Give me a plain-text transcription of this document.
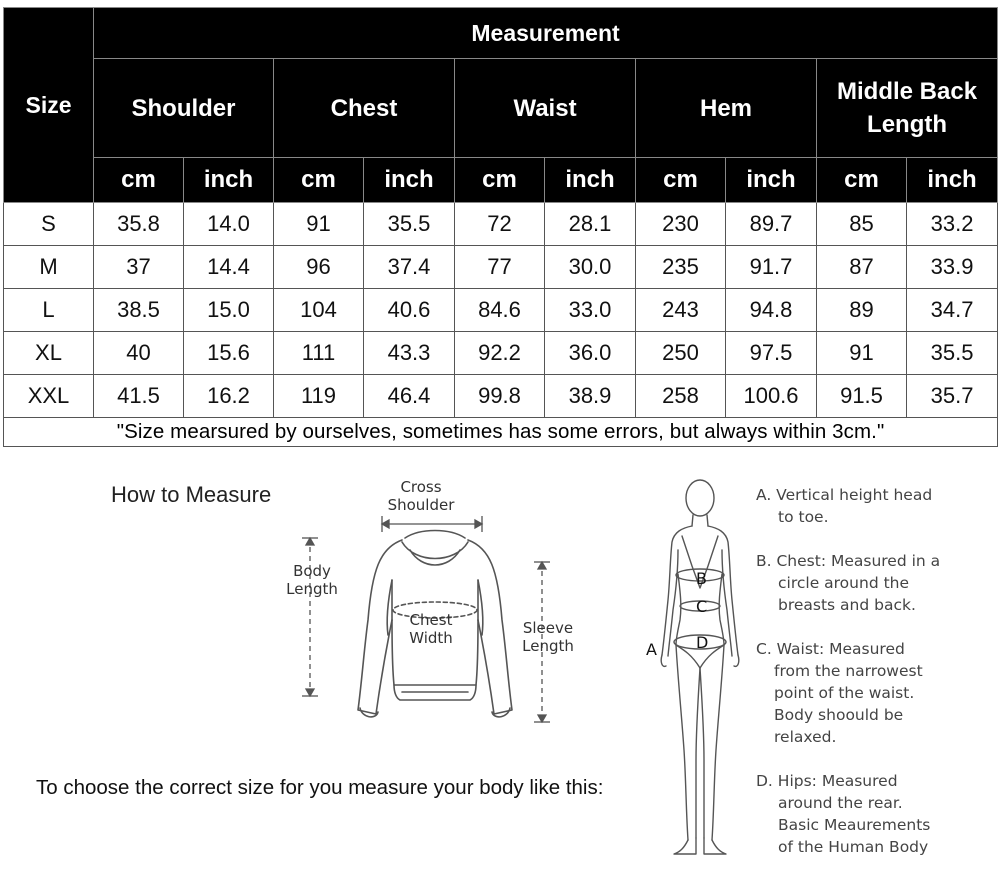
Size	Measurement									
	Shoulder		Chest		Waist		Hem		Middle Back Length	
	cm	inch	cm	inch	cm	inch	cm	inch	cm	inch
S	35.8	14.0	91	35.5	72	28.1	230	89.7	85	33.2
M	37	14.4	96	37.4	77	30.0	235	91.7	87	33.9
L	38.5	15.0	104	40.6	84.6	33.0	243	94.8	89	34.7
XL	40	15.6	111	43.3	92.2	36.0	250	97.5	91	35.5
XXL	41.5	16.2	119	46.4	99.8	38.9	258	100.6	91.5	35.7
"Size mearsured by ourselves, sometimes has some errors, but always within 3cm."										
How to Measure
To choose the correct size for you measure your body like this:
Cross
Shoulder
Body
Length
Chest
Width
Sleeve
Length	A
B
C
D

A. Vertical height head
to toe.

B. Chest: Measured in a
circle around the
breasts and back.

C. Waist: Measured
from the narrowest
point of the waist.
Body shoould be
relaxed.

D. Hips: Measured
around the rear.
Basic Meaurements
of the Human Body
